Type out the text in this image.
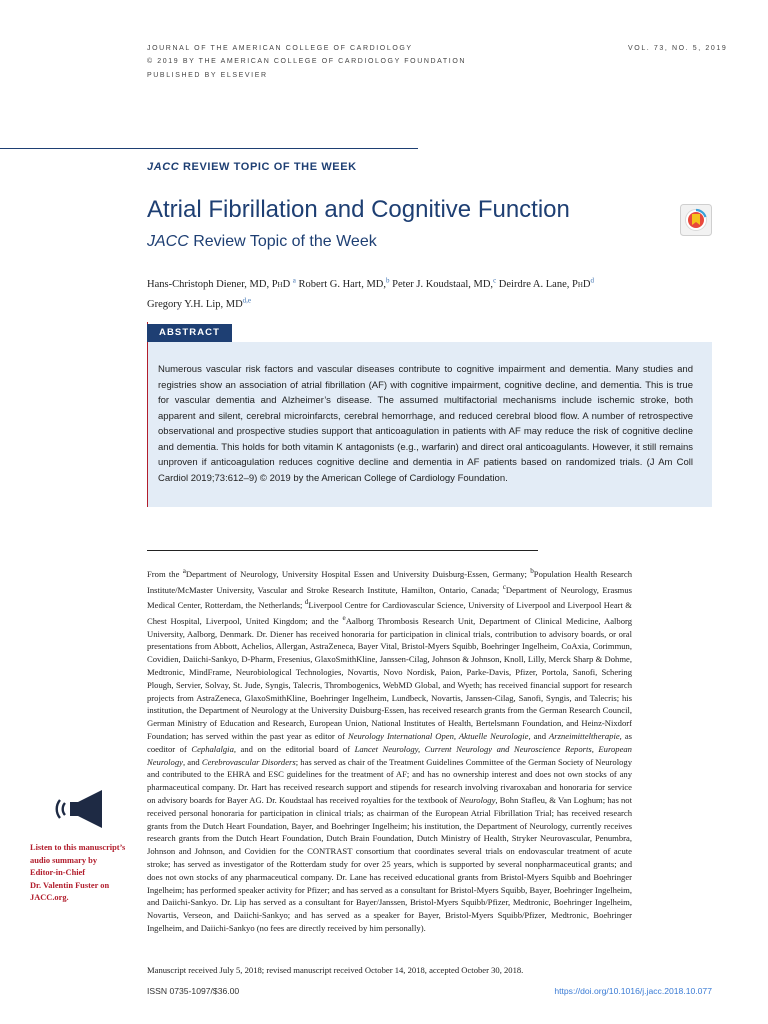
JOURNAL OF THE AMERICAN COLLEGE OF CARDIOLOGY
© 2019 BY THE AMERICAN COLLEGE OF CARDIOLOGY FOUNDATION
PUBLISHED BY ELSEVIER
VOL. 73, NO. 5, 2019
JACC REVIEW TOPIC OF THE WEEK
Atrial Fibrillation and Cognitive Function
JACC Review Topic of the Week
Hans-Christoph Diener, MD, PhD $^a$ Robert G. Hart, MD,$^b$ Peter J. Koudstaal, MD,$^c$ Deirdre A. Lane, PhD$^d$
Gregory Y.H. Lip, MD$^{d,e}$
ABSTRACT

Numerous vascular risk factors and vascular diseases contribute to cognitive impairment and dementia. Many studies and registries show an association of atrial fibrillation (AF) with cognitive impairment, cognitive decline, and dementia. This is true for vascular dementia and Alzheimer’s disease. The assumed multifactorial mechanisms include ischemic stroke, both apparent and silent, cerebral microinfarcts, cerebral hemorrhage, and reduced cerebral blood flow. A number of retrospective observational and prospective studies support that anticoagulation in patients with AF may reduce the risk of cognitive decline and dementia. This holds for both vitamin K antagonists (e.g., warfarin) and direct oral anticoagulants. However, it still remains unproven if anticoagulation reduces cognitive decline and dementia in AF patients based on randomized trials. (J Am Coll Cardiol 2019;73:612–9) © 2019 by the American College of Cardiology Foundation.

From the $^a$Department of Neurology, University Hospital Essen and University Duisburg-Essen, Germany; $^b$Population Health Research Institute/McMaster University, Vascular and Stroke Research Institute, Hamilton, Ontario, Canada; $^c$Department of Neurology, Erasmus Medical Center, Rotterdam, the Netherlands; $^d$Liverpool Centre for Cardiovascular Science, University of Liverpool and Liverpool Heart & Chest Hospital, Liverpool, United Kingdom; and the $^e$Aalborg Thrombosis Research Unit, Department of Clinical Medicine, Aalborg University, Aalborg, Denmark. Dr. Diener has received honoraria for participation in clinical trials, contribution to advisory boards, or oral presentations from Abbott, Achelios, Allergan, AstraZeneca, Bayer Vital, Bristol-Myers Squibb, Boehringer Ingelheim, CoAxia, Corimmun, Covidien, Daiichi-Sankyo, D-Pharm, Fresenius, GlaxoSmithKline, Janssen-Cilag, Johnson & Johnson, Knoll, Lilly, Merck Sharp & Dohme, Medtronic, MindFrame, Neurobiological Technologies, Novartis, Novo Nordisk, Paion, Parke-Davis, Pfizer, Portola, Sanofi, Schering Plough, Servier, Solvay, St. Jude, Syngis, Talecris, Thrombogenics, WebMD Global, and Wyeth; has received financial support for research projects from AstraZeneca, GlaxoSmithKline, Boehringer Ingelheim, Lundbeck, Novartis, Janssen-Cilag, Sanofi, Syngis, and Talecris; his institution, the Department of Neurology at the University Duisburg-Essen, has received research grants from the German Research Council, German Ministry of Education and Research, European Union, National Institutes of Health, Bertelsmann Foundation, and Heinz-Nixdorf Foundation; has served within the past year as editor of Neurology International Open, Aktuelle Neurologie, and Arzneimitteltherapie, as coeditor of Cephalalgia, and on the editorial board of Lancet Neurology, Current Neurology and Neuroscience Reports, European Neurology, and Cerebrovascular Disorders; has served as chair of the Treatment Guidelines Committee of the German Society of Neurology and contributed to the EHRA and ESC guidelines for the treatment of AF; and has no ownership interest and does not own stocks of any pharmaceutical company. Dr. Hart has received research support and stipends for research involving rivaroxaban and honoraria for service on advisory boards for Bayer AG. Dr. Koudstaal has received royalties for the textbook of Neurology, Bohn Stafleu, & Van Loghum; has not received personal honoraria for participation in clinical trials; as chairman of the European Atrial Fibrillation Trial; has received research grants from the Dutch Heart Foundation, Bayer, and Boehringer Ingelheim; his institution, the Department of Neurology, currently receives research grants from the Dutch Heart Foundation, Dutch Brain Foundation, Dutch Ministry of Health, Stryker Neurovascular, Penumbra, Johnson and Johnson, and Covidien for the CONTRAST consortium that coordinates several trials on endovascular treatment of acute stroke; has served as investigator of the Rotterdam study for over 25 years, which is supported by several nonpharmaceutical grants; and does not own stocks of any pharmaceutical company. Dr. Lane has received educational grants from Bristol-Myers Squibb and Boehringer Ingelheim; has performed speaker activity for Pfizer; and has served as a consultant for Bristol-Myers Squibb, Bayer, Boehringer Ingelheim, and Daiichi-Sankyo. Dr. Lip has served as a consultant for Bayer/Janssen, Bristol-Myers Squibb/Pfizer, Medtronic, Boehringer Ingelheim, Novartis, Verseon, and Daiichi-Sankyo; and has served as a speaker for Bayer, Bristol-Myers Squibb/Pfizer, Medtronic, Boehringer Ingelheim, and Daiichi-Sankyo (no fees are directly received by him personally).

Manuscript received July 5, 2018; revised manuscript received October 14, 2018, accepted October 30, 2018.
Listen to this manuscript’s
audio summary by
Editor-in-Chief
Dr. Valentin Fuster on
JACC.org.
ISSN 0735-1097/$36.00	https://doi.org/10.1016/j.jacc.2018.10.077
